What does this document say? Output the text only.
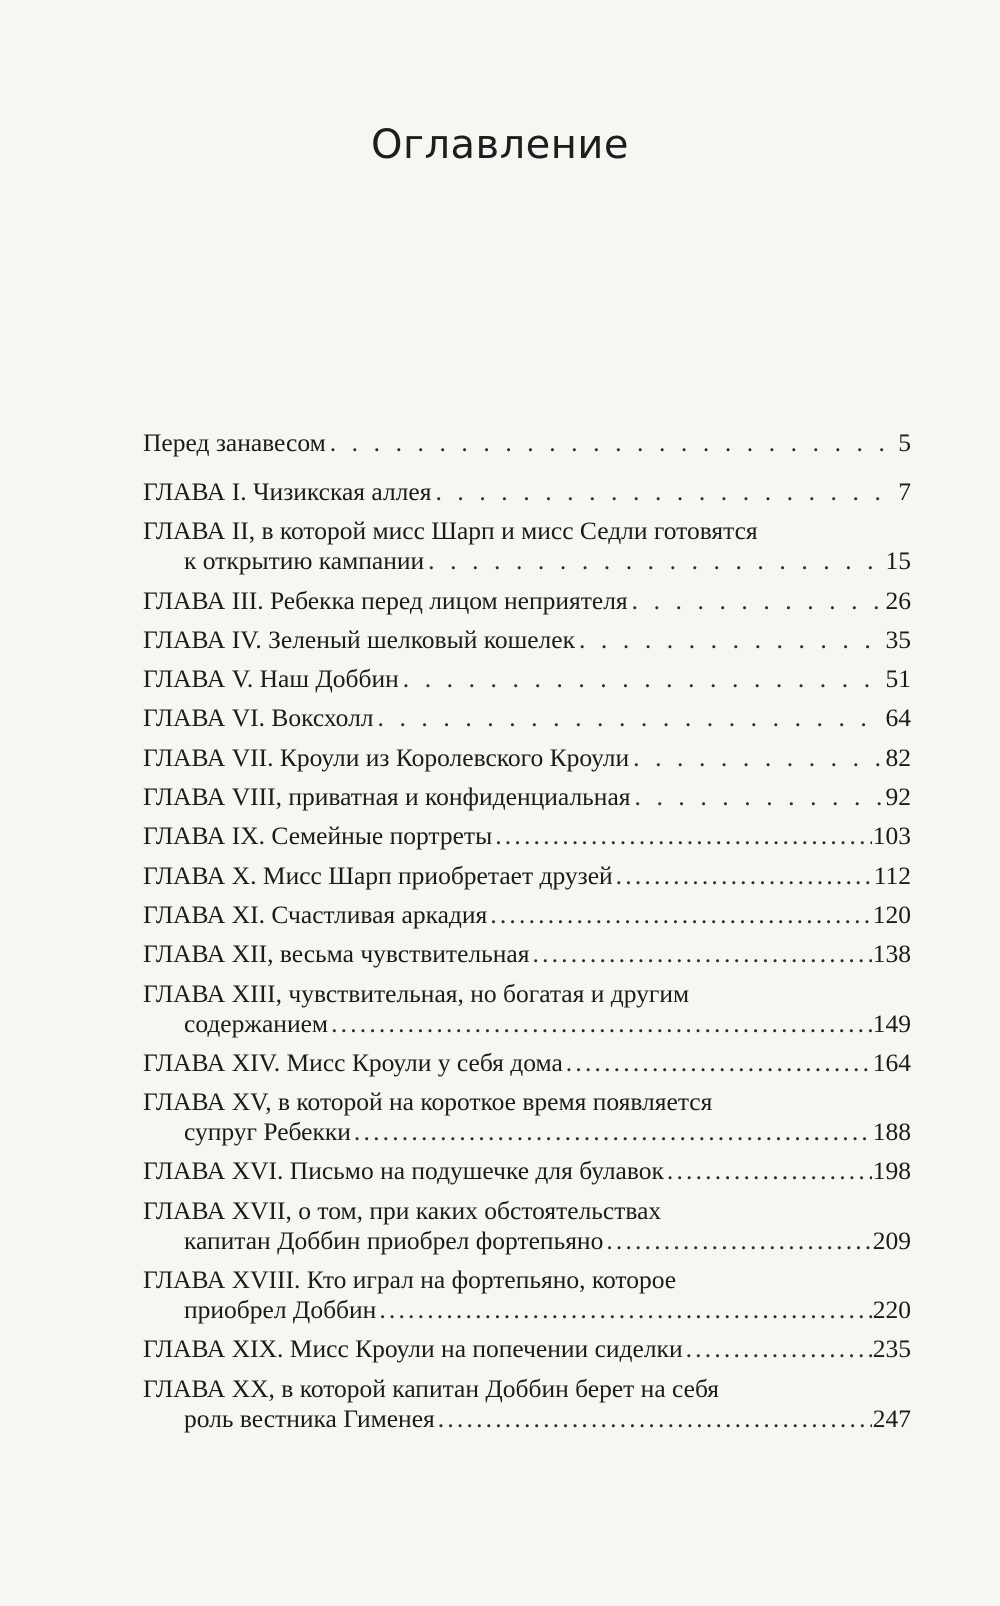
Оглавление
Перед занавесом . . .	5
ГЛАВА I. Чизикская аллея . . .	7
ГЛАВА II, в которой мисс Шарп и мисс Седли готовятся
к открытию кампании . . .	15
ГЛАВА III. Ребекка перед лицом неприятеля . . .	26
ГЛАВА IV. Зеленый шелковый кошелек . . .	35
ГЛАВА V. Наш Доббин . . .	51
ГЛАВА VI. Воксхолл . . .	64
ГЛАВА VII. Кроули из Королевского Кроули . . .	82
ГЛАВА VIII, приватная и конфиденциальная . . .	92
ГЛАВА IX. Семейные портреты .....	103
ГЛАВА X. Мисс Шарп приобретает друзей .....	112
ГЛАВА XI. Счастливая аркадия .....	120
ГЛАВА XII, весьма чувствительная .....	138
ГЛАВА XIII, чувствительная, но богатая и другим
содержанием .....	149
ГЛАВА XIV. Мисс Кроули у себя дома .....	164
ГЛАВА XV, в которой на короткое время появляется
супруг Ребекки .....	188
ГЛАВА XVI. Письмо на подушечке для булавок .....	198
ГЛАВА XVII, о том, при каких обстоятельствах
капитан Доббин приобрел фортепьяно .....	209
ГЛАВА XVIII. Кто играл на фортепьяно, которое
приобрел Доббин .....	220
ГЛАВА XIX. Мисс Кроули на попечении сиделки .....	235
ГЛАВА XX, в которой капитан Доббин берет на себя
роль вестника Гименея .....	247
